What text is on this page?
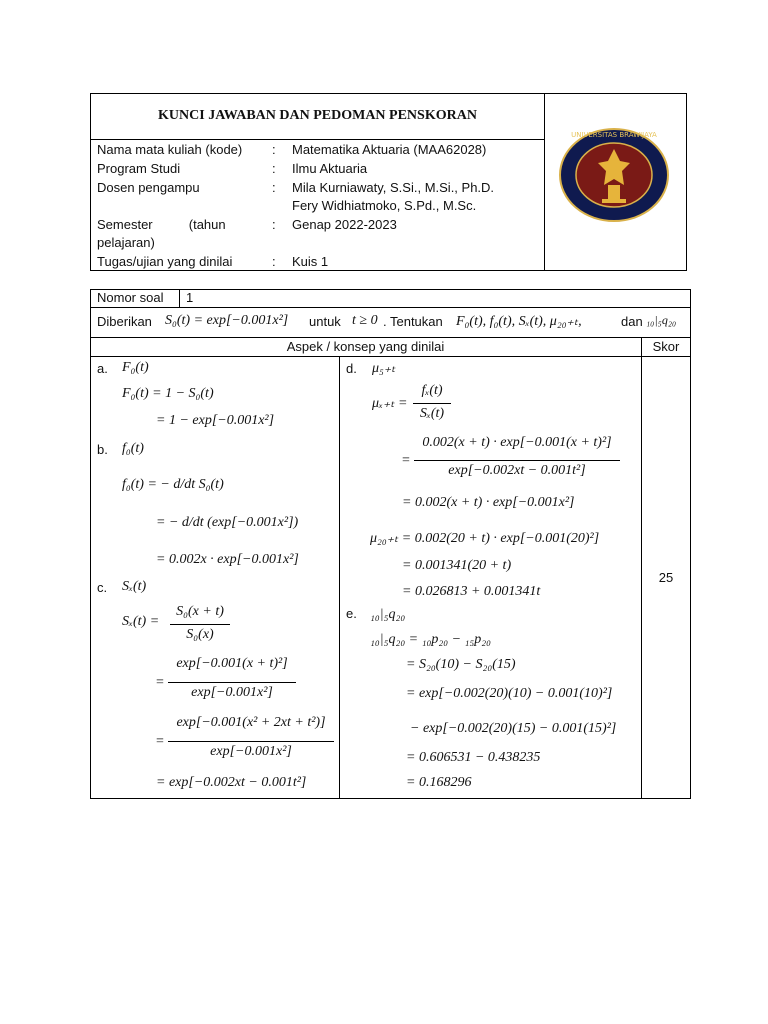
KUNCI JAWABAN DAN PEDOMAN PENSKORAN
UNIVERSITAS BRAWIJAYA
Nama mata kuliah (kode) : Matematika Aktuaria (MAA62028)
Program Studi	: Ilmu Aktuaria
Dosen pengampu	: Mila Kurniawaty, S.Si., M.Si., Ph.D.
Fery Widhiatmoko, S.Pd., M.Sc.
Semester          (tahun	: Genap 2022-2023
pelajaran)
Tugas/ujian yang dinilai	: Kuis 1
Nomor soal 1
Diberikan S₀(t) = exp[−0.001x²] untuk t ≥ 0 . Tentukan F₀(t), f₀(t), Sₓ(t), μ₂₀₊ₜ,	dan ₁₀|₅q₂₀
Aspek / konsep yang dinilai	Skor
25
a. F₀(t)
F₀(t) = 1 − S₀(t)
= 1 − exp[−0.001x²]
b. f₀(t)
f₀(t) = − d/dt S₀(t)
= − d/dt (exp[−0.001x²])
= 0.002x · exp[−0.001x²]
c. Sₓ(t)
Sₓ(t) =
S₀(x + t)
S₀(x)
=
exp[−0.001(x + t)²]
exp[−0.001x²]
=
exp[−0.001(x² + 2xt + t²)]
exp[−0.001x²]
= exp[−0.002xt − 0.001t²]
d. μ₅₊ₜ
μₓ₊ₜ =
fₓ(t)
Sₓ(t)
=
0.002(x + t) · exp[−0.001(x + t)²]
exp[−0.002xt − 0.001t²]
= 0.002(x + t) · exp[−0.001x²]
μ₂₀₊ₜ = 0.002(20 + t) · exp[−0.001(20)²]
= 0.001341(20 + t)
= 0.026813 + 0.001341t
e. ₁₀|₅q₂₀
₁₀|₅q₂₀ = ₁₀p₂₀ − ₁₅p₂₀
= S₂₀(10) − S₂₀(15)
= exp[−0.002(20)(10) − 0.001(10)²]
− exp[−0.002(20)(15) − 0.001(15)²]
= 0.606531 − 0.438235
= 0.168296
